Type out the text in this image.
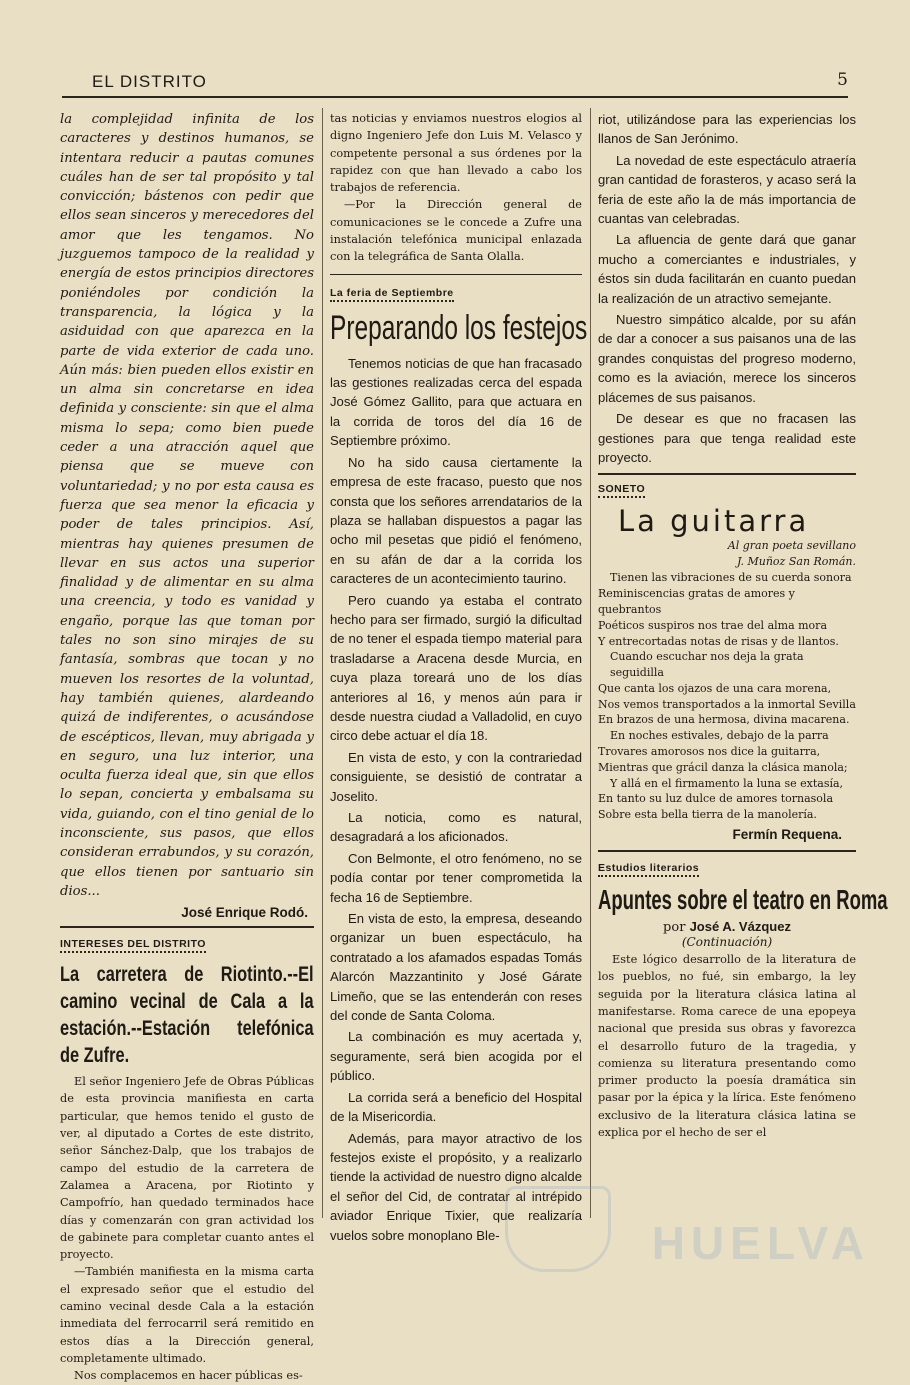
EL DISTRITO	5

la complejidad infinita de los caracteres y destinos humanos, se intentara reducir a pautas comunes cuáles han de ser tal propósito y tal convicción; bástenos con pedir que ellos sean sinceros y merecedores del amor que les tengamos. No juzguemos tampoco de la realidad y energía de estos principios directores poniéndoles por condición la transparencia, la lógica y la asiduidad con que aparezca en la parte de vida exterior de cada uno. Aún más: bien pueden ellos existir en un alma sin concretarse en idea definida y consciente: sin que el alma misma lo sepa; como bien puede ceder a una atracción aquel que piensa que se mueve con voluntariedad; y no por esta causa es fuerza que sea menor la eficacia y poder de tales principios. Así, mientras hay quienes presumen de llevar en sus actos una superior finalidad y de alimentar en su alma una creencia, y todo es vanidad y engaño, porque las que toman por tales no son sino mirajes de su fantasía, sombras que tocan y no mueven los resortes de la voluntad, hay también quienes, alardeando quizá de indiferentes, o acusándose de escépticos, llevan, muy abrigada y en seguro, una luz interior, una oculta fuerza ideal que, sin que ellos lo sepan, concierta y embalsama su vida, guiando, con el tino genial de lo inconsciente, sus pasos, que ellos consideran errabundos, y su corazón, que ellos tienen por santuario sin dios...

José Enrique Rodó.
INTERESES DEL DISTRITO
La carretera de Riotinto.--El camino vecinal de Cala a la estación.--Estación telefónica de Zufre.

El señor Ingeniero Jefe de Obras Públicas de esta provincia manifiesta en carta particular, que hemos tenido el gusto de ver, al diputado a Cortes de este distrito, señor Sánchez-Dalp, que los trabajos de campo del estudio de la carretera de Zalamea a Aracena, por Riotinto y Campofrío, han quedado terminados hace días y comenzarán con gran actividad los de gabinete para completar cuanto antes el proyecto.

—También manifiesta en la misma carta el expresado señor que el estudio del camino vecinal desde Cala a la estación inmediata del ferrocarril será remitido en estos días a la Dirección general, completamente ultimado.

Nos complacemos en hacer públicas es-

tas noticias y enviamos nuestros elogios al digno Ingeniero Jefe don Luis M. Velasco y competente personal a sus órdenes por la rapidez con que han llevado a cabo los trabajos de referencia.

—Por la Dirección general de comunicaciones se le concede a Zufre una instalación telefónica municipal enlazada con la telegráfica de Santa Olalla.

La feria de Septiembre
Preparando los festejos

Tenemos noticias de que han fracasado las gestiones realizadas cerca del espada José Gómez Gallito, para que actuara en la corrida de toros del día 16 de Septiembre próximo.

No ha sido causa ciertamente la empresa de este fracaso, puesto que nos consta que los señores arrendatarios de la plaza se hallaban dispuestos a pagar las ocho mil pesetas que pidió el fenómeno, en su afán de dar a la corrida los caracteres de un acontecimiento taurino.

Pero cuando ya estaba el contrato hecho para ser firmado, surgió la dificultad de no tener el espada tiempo material para trasladarse a Aracena desde Murcia, en cuya plaza toreará uno de los días anteriores al 16, y menos aún para ir desde nuestra ciudad a Valladolid, en cuyo circo debe actuar el día 18.

En vista de esto, y con la contrariedad consiguiente, se desistió de contratar a Joselito.

La noticia, como es natural, desagradará a los aficionados.

Con Belmonte, el otro fenómeno, no se podía contar por tener comprometida la fecha 16 de Septiembre.

En vista de esto, la empresa, deseando organizar un buen espectáculo, ha contratado a los afamados espadas Tomás Alarcón Mazzantinito y José Gárate Limeño, que se las entenderán con reses del conde de Santa Coloma.

La combinación es muy acertada y, seguramente, será bien acogida por el público.

La corrida será a beneficio del Hospital de la Misericordia.

Además, para mayor atractivo de los festejos existe el propósito, y a realizarlo tiende la actividad de nuestro digno alcalde el señor del Cid, de contratar al intrépido aviador Enrique Tixier, que realizaría vuelos sobre monoplano Ble-

riot, utilizándose para las experiencias los llanos de San Jerónimo.

La novedad de este espectáculo atraería gran cantidad de forasteros, y acaso será la feria de este año la de más importancia de cuantas van celebradas.

La afluencia de gente dará que ganar mucho a comerciantes e industriales, y éstos sin duda facilitarán en cuanto puedan la realización de un atractivo semejante.

Nuestro simpático alcalde, por su afán de dar a conocer a sus paisanos una de las grandes conquistas del progreso moderno, como es la aviación, merece los sinceros plácemes de sus paisanos.

De desear es que no fracasen las gestiones para que tenga realidad este proyecto.

SONETO
La guitarra
Al gran poeta sevillano
J. Muñoz San Román.
Tienen las vibraciones de su cuerda sonora
Reminiscencias gratas de amores y quebrantos
Poéticos suspiros nos trae del alma mora
Y entrecortadas notas de risas y de llantos.
Cuando escuchar nos deja la grata seguidilla
Que canta los ojazos de una cara morena,
Nos vemos transportados a la inmortal Sevilla
En brazos de una hermosa, divina macarena.
En noches estivales, debajo de la parra
Trovares amorosos nos dice la guitarra,
Mientras que grácil danza la clásica manola;
Y allá en el firmamento la luna se extasía,
En tanto su luz dulce de amores tornasola
Sobre esta bella tierra de la manolería.
Fermín Requena.
Estudios literarios
Apuntes sobre el teatro en Roma
por José A. Vázquez
(Continuación)

Este lógico desarrollo de la literatura de los pueblos, no fué, sin embargo, la ley seguida por la literatura clásica latina al manifestarse. Roma carece de una epopeya nacional que presida sus obras y favorezca el desarrollo futuro de la tragedia, y comienza su literatura presentando como primer producto la poesía dramática sin pasar por la épica y la lírica. Este fenómeno exclusivo de la literatura clásica latina se explica por el hecho de ser el

HUELVA
